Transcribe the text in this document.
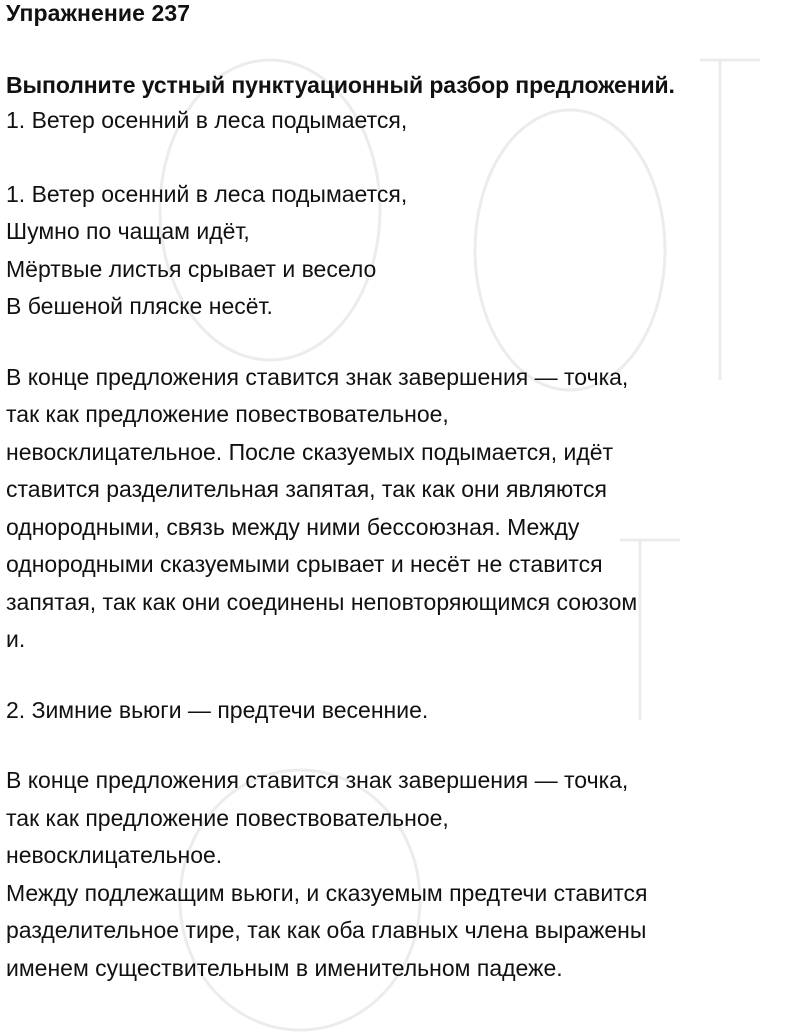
Упражнение 237

Выполните устный пунктуационный разбор предложений.

1. Ветер осенний в леса подымается,

1. Ветер осенний в леса подымается,

Шумно по чащам идёт,

Мёртвые листья срывает и весело

В бешеной пляске несёт.

В конце предложения ставится знак завершения — точка,

так как предложение повествовательное,

невосклицательное. После сказуемых подымается, идёт

ставится разделительная запятая, так как они являются

однородными, связь между ними бессоюзная. Между

однородными сказуемыми срывает и несёт не ставится

запятая, так как они соединены неповторяющимся союзом

и.

2. Зимние вьюги — предтечи весенние.

В конце предложения ставится знак завершения — точка,

так как предложение повествовательное,

невосклицательное.

Между подлежащим вьюги, и сказуемым предтечи ставится

разделительное тире, так как оба главных члена выражены

именем существительным в именительном падеже.
